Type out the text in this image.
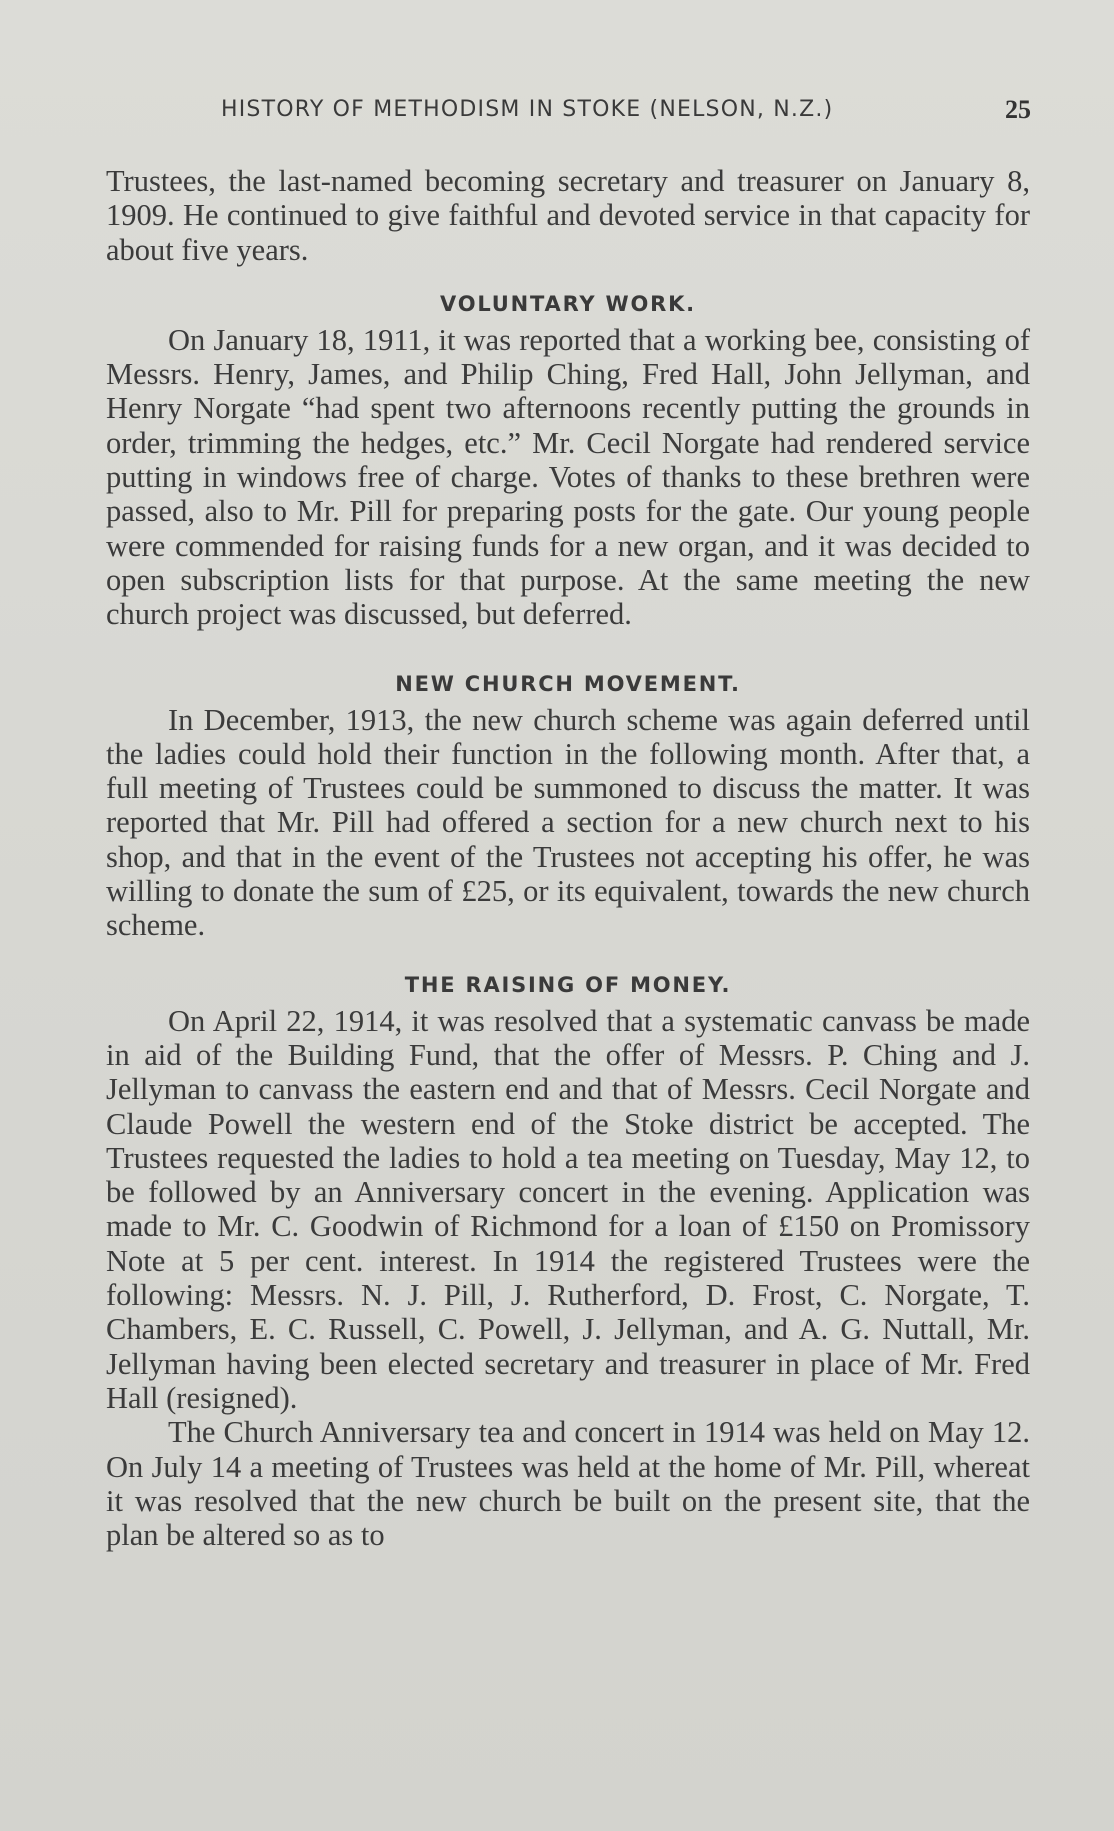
HISTORY OF METHODISM IN STOKE (NELSON, N.Z.)	25

Trustees, the last-named becoming secretary and treasurer on January 8, 1909. He continued to give faithful and devoted service in that capacity for about five years.

VOLUNTARY WORK.

On January 18, 1911, it was reported that a working bee, consisting of Messrs. Henry, James, and Philip Ching, Fred Hall, John Jellyman, and Henry Norgate “had spent two afternoons recently putting the grounds in order, trimming the hedges, etc.” Mr. Cecil Norgate had rendered service putting in windows free of charge. Votes of thanks to these brethren were passed, also to Mr. Pill for preparing posts for the gate. Our young people were commended for raising funds for a new organ, and it was decided to open subscription lists for that purpose. At the same meeting the new church project was discussed, but deferred.

NEW CHURCH MOVEMENT.

In December, 1913, the new church scheme was again deferred until the ladies could hold their function in the following month. After that, a full meeting of Trustees could be summoned to discuss the matter. It was reported that Mr. Pill had offered a section for a new church next to his shop, and that in the event of the Trustees not accepting his offer, he was willing to donate the sum of £25, or its equivalent, towards the new church scheme.

THE RAISING OF MONEY.

On April 22, 1914, it was resolved that a systematic canvass be made in aid of the Building Fund, that the offer of Messrs. P. Ching and J. Jellyman to canvass the eastern end and that of Messrs. Cecil Norgate and Claude Powell the western end of the Stoke district be accepted. The Trustees requested the ladies to hold a tea meeting on Tuesday, May 12, to be followed by an Anniversary concert in the evening. Application was made to Mr. C. Goodwin of Richmond for a loan of £150 on Promissory Note at 5 per cent. interest. In 1914 the registered Trustees were the following: Messrs. N. J. Pill, J. Rutherford, D. Frost, C. Norgate, T. Chambers, E. C. Russell, C. Powell, J. Jellyman, and A. G. Nuttall, Mr. Jellyman having been elected secretary and treasurer in place of Mr. Fred Hall (resigned).

The Church Anniversary tea and concert in 1914 was held on May 12. On July 14 a meeting of Trustees was held at the home of Mr. Pill, whereat it was resolved that the new church be built on the present site, that the plan be altered so as to
